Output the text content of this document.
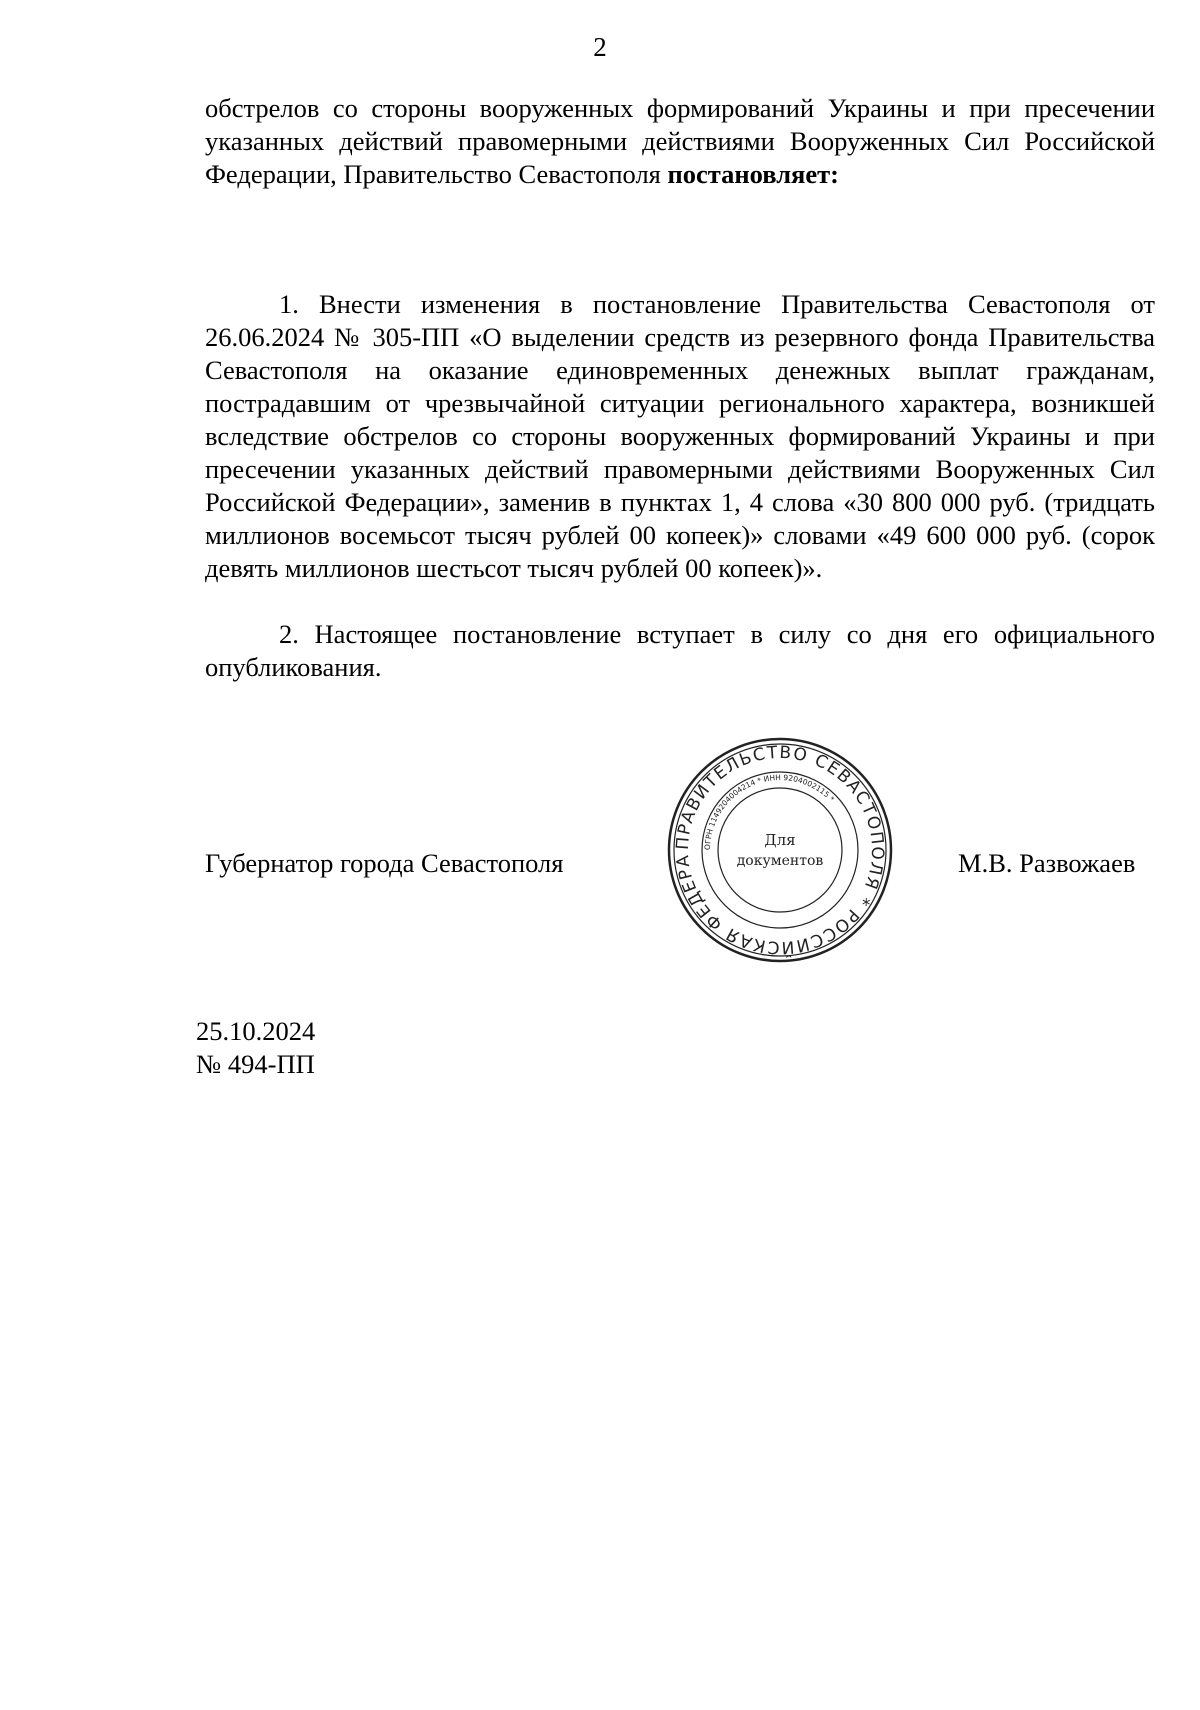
2
обстрелов со стороны вооруженных формирований Украины и при пресечении указанных действий правомерными действиями Вооруженных Сил Российской Федерации, Правительство Севастополя постановляет:
1. Внести изменения в постановление Правительства Севастополя от 26.06.2024 № 305-ПП «О выделении средств из резервного фонда Правительства Севастополя на оказание единовременных денежных выплат гражданам, пострадавшим от чрезвычайной ситуации регионального характера, возникшей вследствие обстрелов со стороны вооруженных формирований Украины и при пресечении указанных действий правомерными действиями Вооруженных Сил Российской Федерации», заменив в пунктах 1, 4 слова «30 800 000 руб. (тридцать миллионов восемьсот тысяч рублей 00 копеек)» словами «49 600 000 руб. (сорок девять миллионов шестьсот тысяч рублей 00 копеек)».
2. Настоящее постановление вступает в силу со дня его официального опубликования.
Губернатор города Севастополя
ПРАВИТЕЛЬСТВО СЕВАСТОПОЛЯ * РОССИЙСКАЯ ФЕДЕРА
ОГРН 1149204004214 * ИНН 9204002115 *
Для
документов	М.В. Развожаев
25.10.2024
№ 494-ПП
